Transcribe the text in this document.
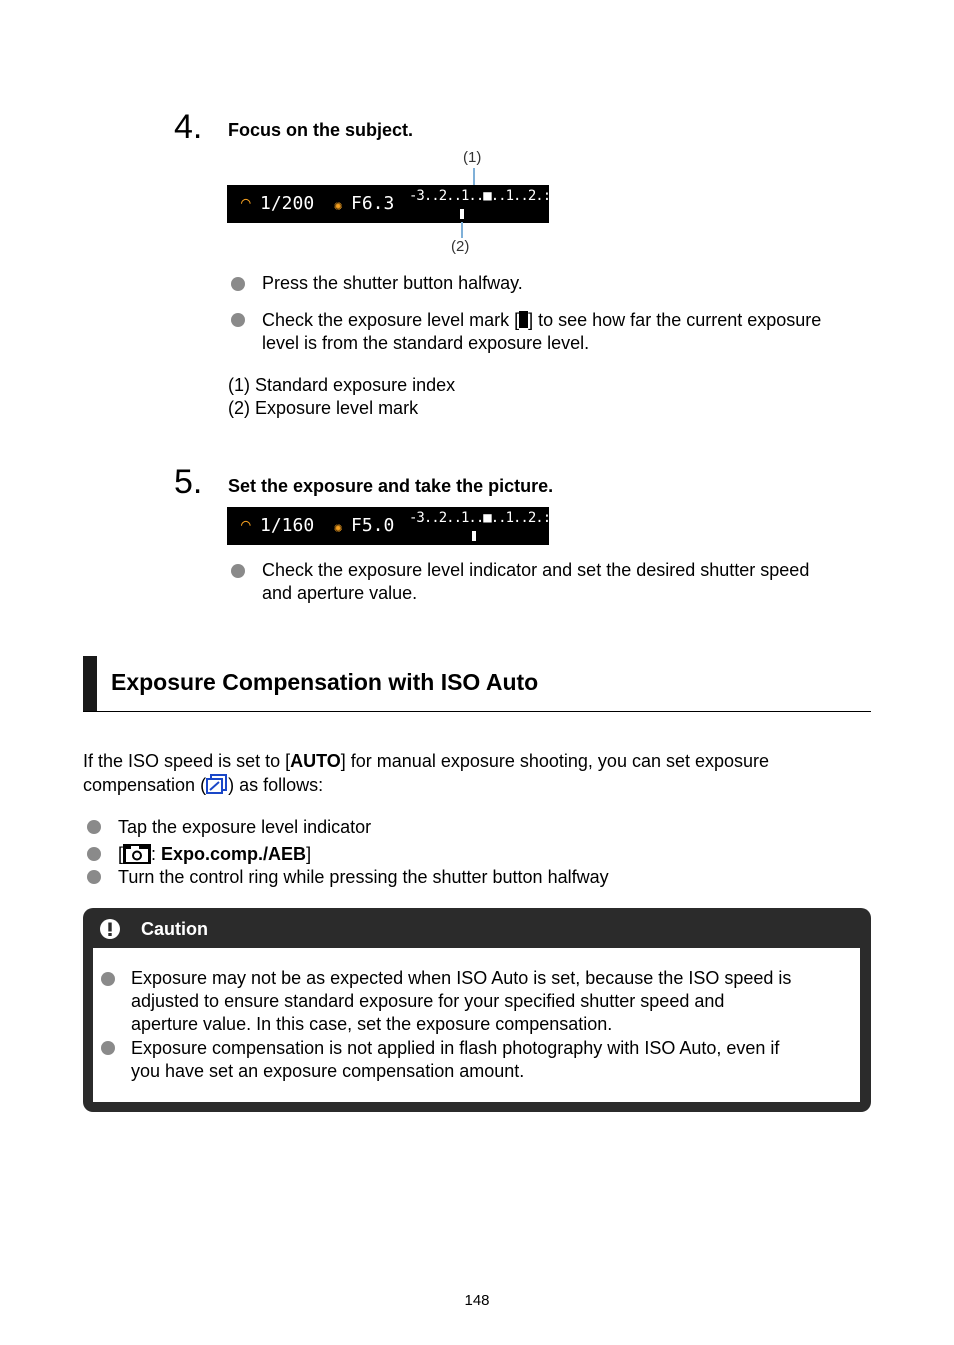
4. Focus on the subject.
(1)
⌒ 1/200 ✺ F6.3 -3..2..1..■..1..2.:3
(2)
Press the shutter button halfway.
Check the exposure level mark [ ] to see how far the current exposure
level is from the standard exposure level.
(1) Standard exposure index
(2) Exposure level mark
5. Set the exposure and take the picture.
⌒ 1/160 ✺ F5.0 -3..2..1..■..1..2.:3
Check the exposure level indicator and set the desired shutter speed
and aperture value.
Exposure Compensation with ISO Auto
If the ISO speed is set to [AUTO] for manual exposure shooting, you can set exposure
compensation ( ) as follows:
Tap the exposure level indicator
[ : Expo.comp./AEB]
Turn the control ring while pressing the shutter button halfway
Caution
Exposure may not be as expected when ISO Auto is set, because the ISO speed is
adjusted to ensure standard exposure for your specified shutter speed and
aperture value. In this case, set the exposure compensation.
Exposure compensation is not applied in flash photography with ISO Auto, even if
you have set an exposure compensation amount.
148
